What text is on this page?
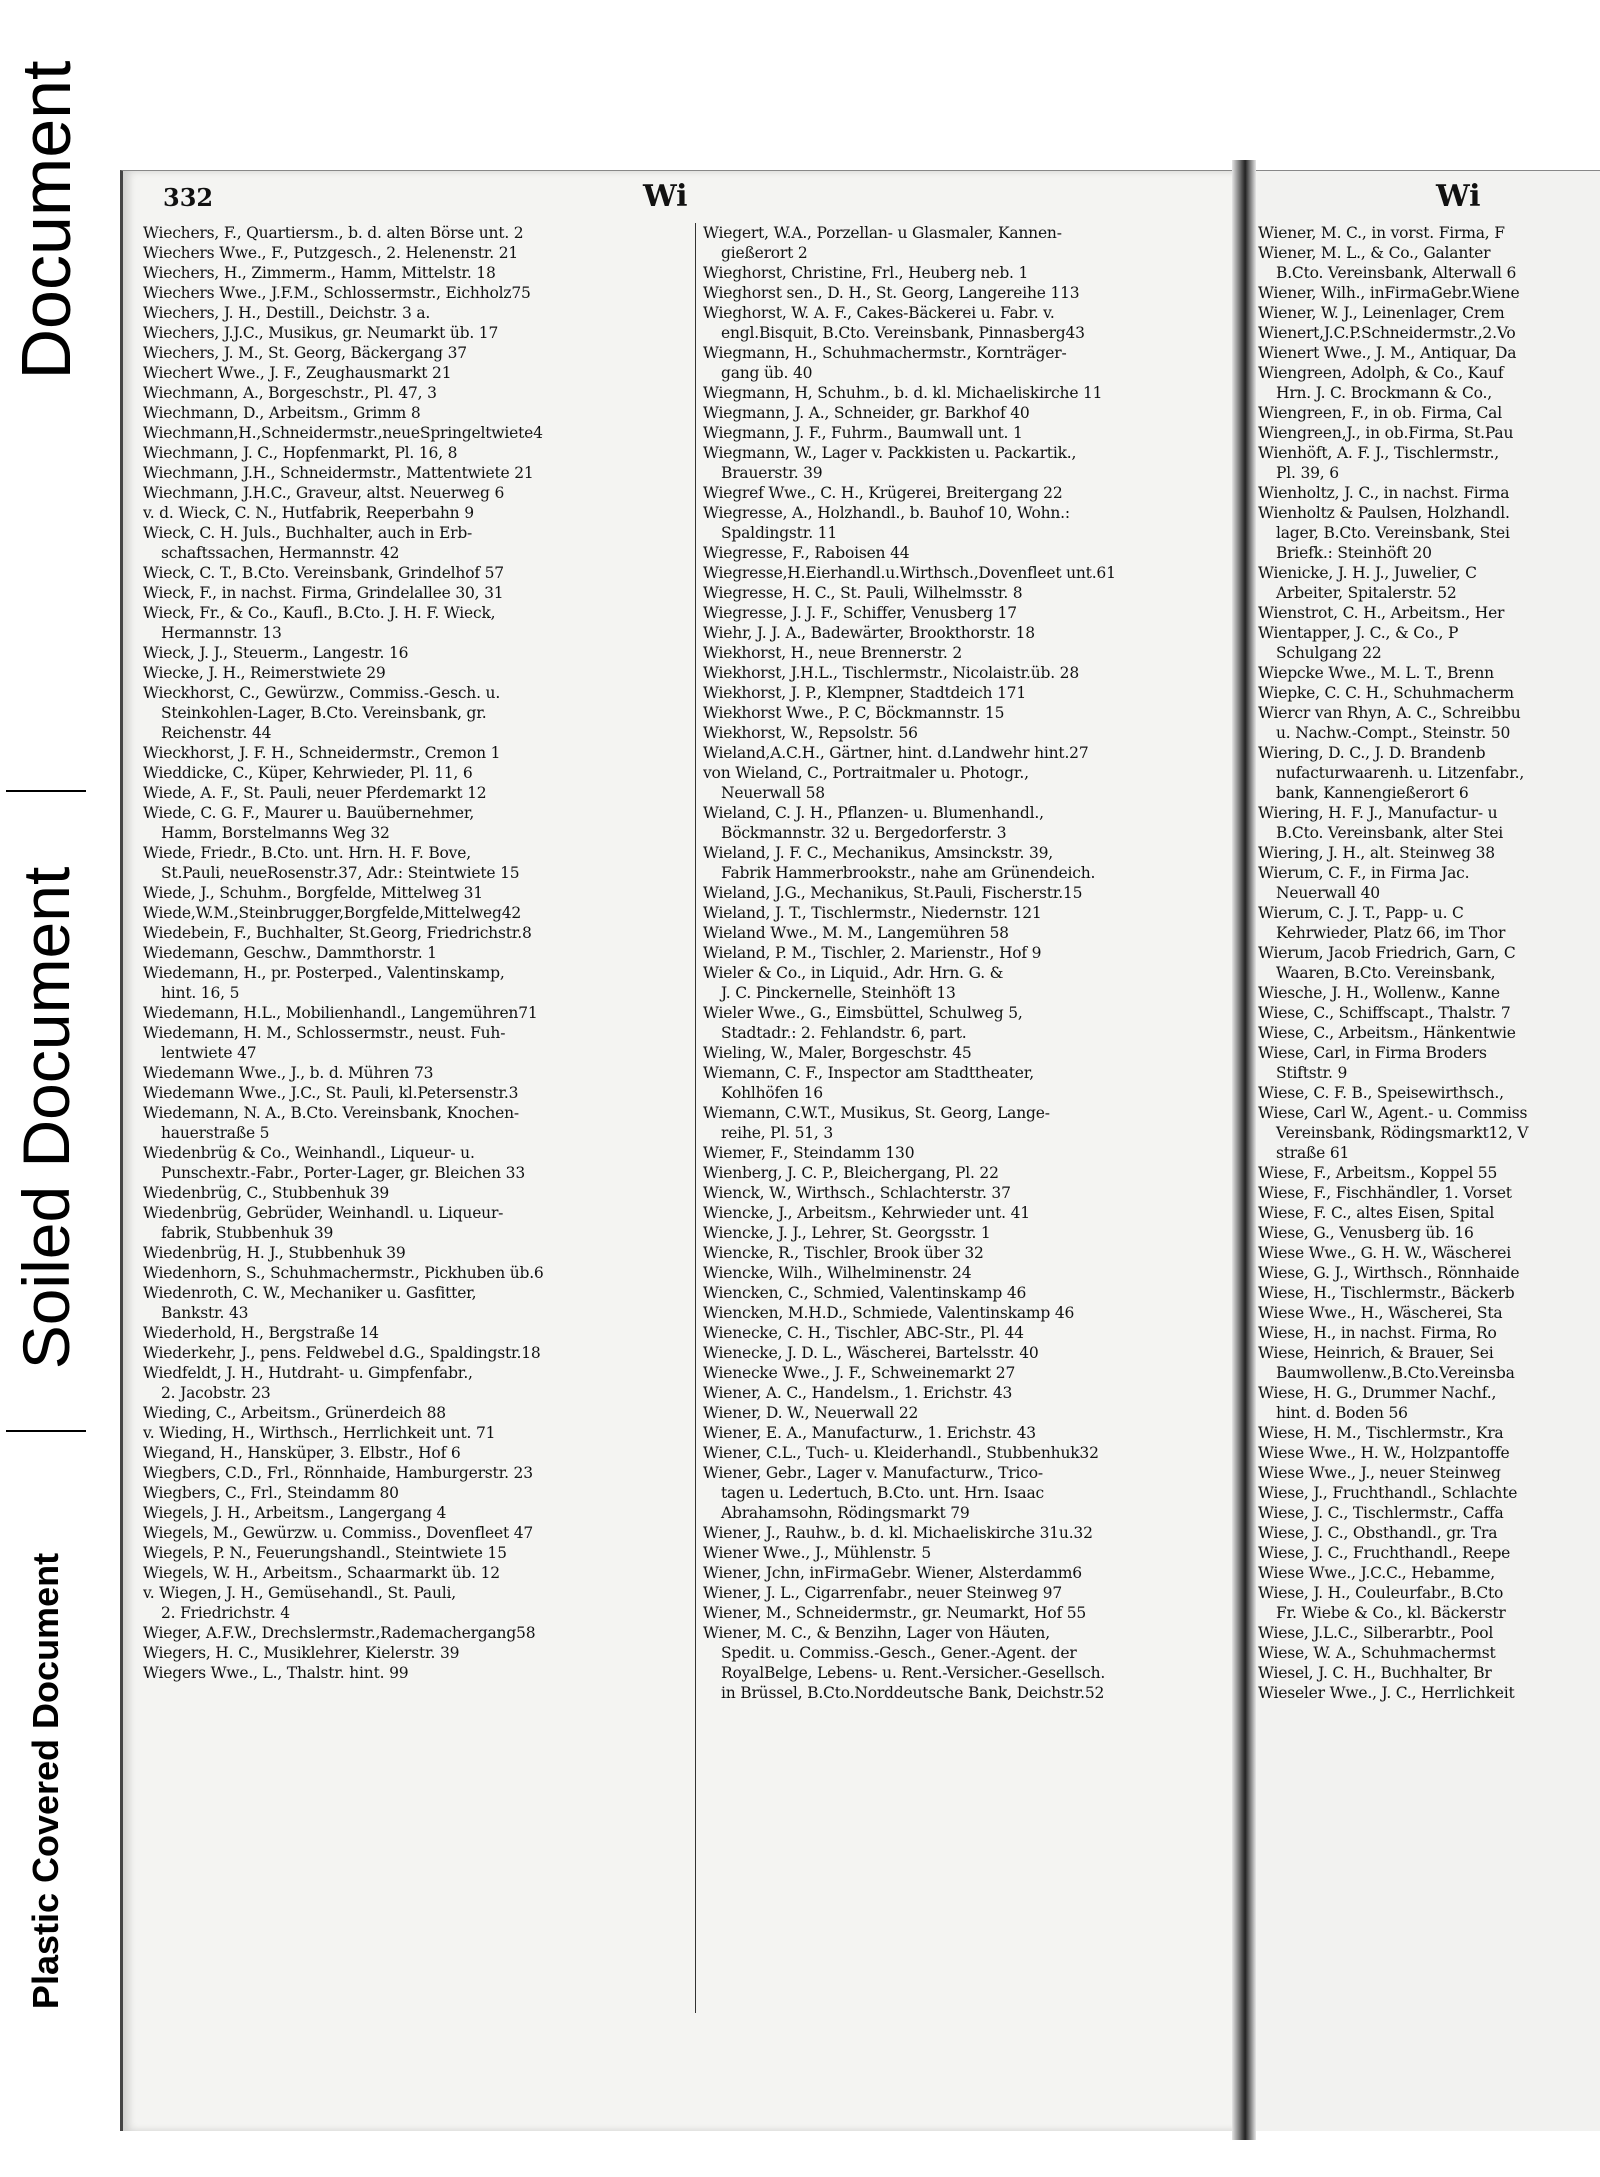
Document
Soiled Document
Plastic Covered Document
332	Wi
Wiechers, F., Quartiersm., b. d. alten Börse unt. 2
Wiechers Wwe., F., Putzgesch., 2. Helenenstr. 21
Wiechers, H., Zimmerm., Hamm, Mittelstr. 18
Wiechers Wwe., J.F.M., Schlossermstr., Eichholz75
Wiechers, J. H., Destill., Deichstr. 3 a.
Wiechers, J.J.C., Musikus, gr. Neumarkt üb. 17
Wiechers, J. M., St. Georg, Bäckergang 37
Wiechert Wwe., J. F., Zeughausmarkt 21
Wiechmann, A., Borgeschstr., Pl. 47, 3
Wiechmann, D., Arbeitsm., Grimm 8
Wiechmann,H.,Schneidermstr.,neueSpringeltwiete4
Wiechmann, J. C., Hopfenmarkt, Pl. 16, 8
Wiechmann, J.H., Schneidermstr., Mattentwiete 21
Wiechmann, J.H.C., Graveur, altst. Neuerweg 6
v. d. Wieck, C. N., Hutfabrik, Reeperbahn 9
Wieck, C. H. Juls., Buchhalter, auch in Erb-
schaftssachen, Hermannstr. 42
Wieck, C. T., B.Cto. Vereinsbank, Grindelhof 57
Wieck, F., in nachst. Firma, Grindelallee 30, 31
Wieck, Fr., & Co., Kaufl., B.Cto. J. H. F. Wieck,
Hermannstr. 13
Wieck, J. J., Steuerm., Langestr. 16
Wiecke, J. H., Reimerstwiete 29
Wieckhorst, C., Gewürzw., Commiss.-Gesch. u.
Steinkohlen-Lager, B.Cto. Vereinsbank, gr.
Reichenstr. 44
Wieckhorst, J. F. H., Schneidermstr., Cremon 1
Wieddicke, C., Küper, Kehrwieder, Pl. 11, 6
Wiede, A. F., St. Pauli, neuer Pferdemarkt 12
Wiede, C. G. F., Maurer u. Bauübernehmer,
Hamm, Borstelmanns Weg 32
Wiede, Friedr., B.Cto. unt. Hrn. H. F. Bove,
St.Pauli, neueRosenstr.37, Adr.: Steintwiete 15
Wiede, J., Schuhm., Borgfelde, Mittelweg 31
Wiede,W.M.,Steinbrugger,Borgfelde,Mittelweg42
Wiedebein, F., Buchhalter, St.Georg, Friedrichstr.8
Wiedemann, Geschw., Dammthorstr. 1
Wiedemann, H., pr. Posterped., Valentinskamp,
hint. 16, 5
Wiedemann, H.L., Mobilienhandl., Langemühren71
Wiedemann, H. M., Schlossermstr., neust. Fuh-
lentwiete 47
Wiedemann Wwe., J., b. d. Mühren 73
Wiedemann Wwe., J.C., St. Pauli, kl.Petersenstr.3
Wiedemann, N. A., B.Cto. Vereinsbank, Knochen-
hauerstraße 5
Wiedenbrüg & Co., Weinhandl., Liqueur- u.
Punschextr.-Fabr., Porter-Lager, gr. Bleichen 33
Wiedenbrüg, C., Stubbenhuk 39
Wiedenbrüg, Gebrüder, Weinhandl. u. Liqueur-
fabrik, Stubbenhuk 39
Wiedenbrüg, H. J., Stubbenhuk 39
Wiedenhorn, S., Schuhmachermstr., Pickhuben üb.6
Wiedenroth, C. W., Mechaniker u. Gasfitter,
Bankstr. 43
Wiederhold, H., Bergstraße 14
Wiederkehr, J., pens. Feldwebel d.G., Spaldingstr.18
Wiedfeldt, J. H., Hutdraht- u. Gimpfenfabr.,
2. Jacobstr. 23
Wieding, C., Arbeitsm., Grünerdeich 88
v. Wieding, H., Wirthsch., Herrlichkeit unt. 71
Wiegand, H., Hansküper, 3. Elbstr., Hof 6
Wiegbers, C.D., Frl., Rönnhaide, Hamburgerstr. 23
Wiegbers, C., Frl., Steindamm 80
Wiegels, J. H., Arbeitsm., Langergang 4
Wiegels, M., Gewürzw. u. Commiss., Dovenfleet 47
Wiegels, P. N., Feuerungshandl., Steintwiete 15
Wiegels, W. H., Arbeitsm., Schaarmarkt üb. 12
v. Wiegen, J. H., Gemüsehandl., St. Pauli,
2. Friedrichstr. 4
Wieger, A.F.W., Drechslermstr.,Rademachergang58
Wiegers, H. C., Musiklehrer, Kielerstr. 39
Wiegers Wwe., L., Thalstr. hint. 99
Wiegert, W.A., Porzellan- u Glasmaler, Kannen-
gießerort 2
Wieghorst, Christine, Frl., Heuberg neb. 1
Wieghorst sen., D. H., St. Georg, Langereihe 113
Wieghorst, W. A. F., Cakes-Bäckerei u. Fabr. v.
engl.Bisquit, B.Cto. Vereinsbank, Pinnasberg43
Wiegmann, H., Schuhmachermstr., Kornträger-
gang üb. 40
Wiegmann, H, Schuhm., b. d. kl. Michaeliskirche 11
Wiegmann, J. A., Schneider, gr. Barkhof 40
Wiegmann, J. F., Fuhrm., Baumwall unt. 1
Wiegmann, W., Lager v. Packkisten u. Packartik.,
Brauerstr. 39
Wiegref Wwe., C. H., Krügerei, Breitergang 22
Wiegresse, A., Holzhandl., b. Bauhof 10, Wohn.:
Spaldingstr. 11
Wiegresse, F., Raboisen 44
Wiegresse,H.Eierhandl.u.Wirthsch.,Dovenfleet unt.61
Wiegresse, H. C., St. Pauli, Wilhelmsstr. 8
Wiegresse, J. J. F., Schiffer, Venusberg 17
Wiehr, J. J. A., Badewärter, Brookthorstr. 18
Wiekhorst, H., neue Brennerstr. 2
Wiekhorst, J.H.L., Tischlermstr., Nicolaistr.üb. 28
Wiekhorst, J. P., Klempner, Stadtdeich 171
Wiekhorst Wwe., P. C, Böckmannstr. 15
Wiekhorst, W., Repsolstr. 56
Wieland,A.C.H., Gärtner, hint. d.Landwehr hint.27
von Wieland, C., Portraitmaler u. Photogr.,
Neuerwall 58
Wieland, C. J. H., Pflanzen- u. Blumenhandl.,
Böckmannstr. 32 u. Bergedorferstr. 3
Wieland, J. F. C., Mechanikus, Amsinckstr. 39,
Fabrik Hammerbrookstr., nahe am Grünendeich.
Wieland, J.G., Mechanikus, St.Pauli, Fischerstr.15
Wieland, J. T., Tischlermstr., Niedernstr. 121
Wieland Wwe., M. M., Langemühren 58
Wieland, P. M., Tischler, 2. Marienstr., Hof 9
Wieler & Co., in Liquid., Adr. Hrn. G. &
J. C. Pinckernelle, Steinhöft 13
Wieler Wwe., G., Eimsbüttel, Schulweg 5,
Stadtadr.: 2. Fehlandstr. 6, part.
Wieling, W., Maler, Borgeschstr. 45
Wiemann, C. F., Inspector am Stadttheater,
Kohlhöfen 16
Wiemann, C.W.T., Musikus, St. Georg, Lange-
reihe, Pl. 51, 3
Wiemer, F., Steindamm 130
Wienberg, J. C. P., Bleichergang, Pl. 22
Wienck, W., Wirthsch., Schlachterstr. 37
Wiencke, J., Arbeitsm., Kehrwieder unt. 41
Wiencke, J. J., Lehrer, St. Georgsstr. 1
Wiencke, R., Tischler, Brook über 32
Wiencke, Wilh., Wilhelminenstr. 24
Wiencken, C., Schmied, Valentinskamp 46
Wiencken, M.H.D., Schmiede, Valentinskamp 46
Wienecke, C. H., Tischler, ABC-Str., Pl. 44
Wienecke, J. D. L., Wäscherei, Bartelsstr. 40
Wienecke Wwe., J. F., Schweinemarkt 27
Wiener, A. C., Handelsm., 1. Erichstr. 43
Wiener, D. W., Neuerwall 22
Wiener, E. A., Manufacturw., 1. Erichstr. 43
Wiener, C.L., Tuch- u. Kleiderhandl., Stubbenhuk32
Wiener, Gebr., Lager v. Manufacturw., Trico-
tagen u. Ledertuch, B.Cto. unt. Hrn. Isaac
Abrahamsohn, Rödingsmarkt 79
Wiener, J., Rauhw., b. d. kl. Michaeliskirche 31u.32
Wiener Wwe., J., Mühlenstr. 5
Wiener, Jchn, inFirmaGebr. Wiener, Alsterdamm6
Wiener, J. L., Cigarrenfabr., neuer Steinweg 97
Wiener, M., Schneidermstr., gr. Neumarkt, Hof 55
Wiener, M. C., & Benzihn, Lager von Häuten,
Spedit. u. Commiss.-Gesch., Gener.-Agent. der
RoyalBelge, Lebens- u. Rent.-Versicher.-Gesellsch.
in Brüssel, B.Cto.Norddeutsche Bank, Deichstr.52
Wi
Wiener, M. C., in vorst. Firma, F
Wiener, M. L., & Co., Galanter
B.Cto. Vereinsbank, Alterwall 6
Wiener, Wilh., inFirmaGebr.Wiene
Wiener, W. J., Leinenlager, Crem
Wienert,J.C.P.Schneidermstr.,2.Vo
Wienert Wwe., J. M., Antiquar, Da
Wiengreen, Adolph, & Co., Kauf
Hrn. J. C. Brockmann & Co.,
Wiengreen, F., in ob. Firma, Cal
Wiengreen,J., in ob.Firma, St.Pau
Wienhöft, A. F. J., Tischlermstr.,
Pl. 39, 6
Wienholtz, J. C., in nachst. Firma
Wienholtz & Paulsen, Holzhandl.
lager, B.Cto. Vereinsbank, Stei
Briefk.: Steinhöft 20
Wienicke, J. H. J., Juwelier, C
Arbeiter, Spitalerstr. 52
Wienstrot, C. H., Arbeitsm., Her
Wientapper, J. C., & Co., P
Schulgang 22
Wiepcke Wwe., M. L. T., Brenn
Wiepke, C. C. H., Schuhmacherm
Wiercr van Rhyn, A. C., Schreibbu
u. Nachw.-Compt., Steinstr. 50
Wiering, D. C., J. D. Brandenb
nufacturwaarenh. u. Litzenfabr.,
bank, Kannengießerort 6
Wiering, H. F. J., Manufactur- u
B.Cto. Vereinsbank, alter Stei
Wiering, J. H., alt. Steinweg 38
Wierum, C. F., in Firma Jac.
Neuerwall 40
Wierum, C. J. T., Papp- u. C
Kehrwieder, Platz 66, im Thor
Wierum, Jacob Friedrich, Garn, C
Waaren, B.Cto. Vereinsbank,
Wiesche, J. H., Wollenw., Kanne
Wiese, C., Schiffscapt., Thalstr. 7
Wiese, C., Arbeitsm., Hänkentwie
Wiese, Carl, in Firma Broders
Stiftstr. 9
Wiese, C. F. B., Speisewirthsch.,
Wiese, Carl W., Agent.- u. Commiss
Vereinsbank, Rödingsmarkt12, V
straße 61
Wiese, F., Arbeitsm., Koppel 55
Wiese, F., Fischhändler, 1. Vorset
Wiese, F. C., altes Eisen, Spital
Wiese, G., Venusberg üb. 16
Wiese Wwe., G. H. W., Wäscherei
Wiese, G. J., Wirthsch., Rönnhaide
Wiese, H., Tischlermstr., Bäckerb
Wiese Wwe., H., Wäscherei, Sta
Wiese, H., in nachst. Firma, Ro
Wiese, Heinrich, & Brauer, Sei
Baumwollenw.,B.Cto.Vereinsba
Wiese, H. G., Drummer Nachf.,
hint. d. Boden 56
Wiese, H. M., Tischlermstr., Kra
Wiese Wwe., H. W., Holzpantoffe
Wiese Wwe., J., neuer Steinweg
Wiese, J., Fruchthandl., Schlachte
Wiese, J. C., Tischlermstr., Caffa
Wiese, J. C., Obsthandl., gr. Tra
Wiese, J. C., Fruchthandl., Reepe
Wiese Wwe., J.C.C., Hebamme,
Wiese, J. H., Couleurfabr., B.Cto
Fr. Wiebe & Co., kl. Bäckerstr
Wiese, J.L.C., Silberarbtr., Pool
Wiese, W. A., Schuhmachermst
Wiesel, J. C. H., Buchhalter, Br
Wieseler Wwe., J. C., Herrlichkeit
